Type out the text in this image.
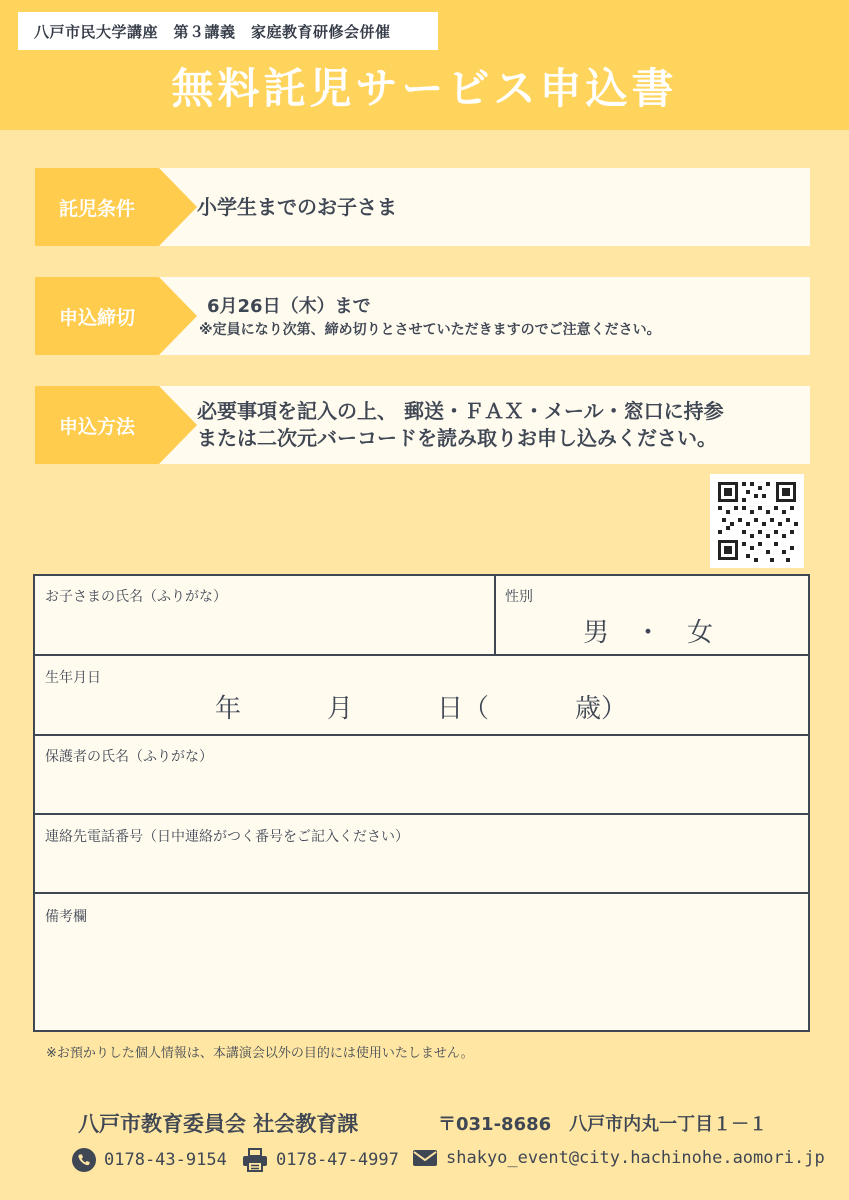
八戸市民大学講座　第３講義　家庭教育研修会併催
無料託児サービス申込書
託児条件	小学生までのお子さま
申込締切
6月26日（木）まで
※定員になり次第、締め切りとさせていただきますのでご注意ください。
申込方法
必要事項を記入の上、 郵送・ＦＡＸ・メール・窓口に持参
または二次元バーコードを読み取りお申し込みください。
お子さまの氏名（ふりがな）	性別
男　・　女
生年月日
年	月	日（	歳）
保護者の氏名（ふりがな）
連絡先電話番号（日中連絡がつく番号をご記入ください）
備考欄
※お預かりした個人情報は、本講演会以外の目的には使用いたしません。
八戸市教育委員会 社会教育課	〒031-8686　八戸市内丸一丁目１－１
0178-43-9154	0178-47-4997	shakyo_event@city.hachinohe.aomori.jp
